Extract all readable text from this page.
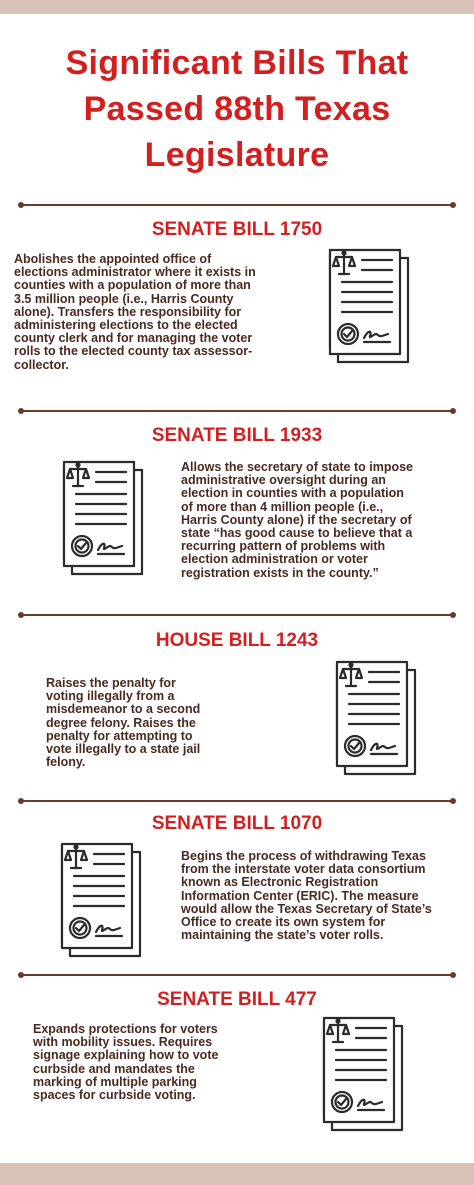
Significant Bills That
Passed 88th Texas
Legislature
SENATE BILL 1750
Abolishes the appointed office of
elections administrator where it exists in
counties with a population of more than
3.5 million people (i.e., Harris County
alone). Transfers the responsibility for
administering elections to the elected
county clerk and for managing the voter
rolls to the elected county tax assessor-
collector.
SENATE BILL 1933
Allows the secretary of state to impose
administrative oversight during an
election in counties with a population
of more than 4 million people (i.e.,
Harris County alone) if the secretary of
state “has good cause to believe that a
recurring pattern of problems with
election administration or voter
registration exists in the county.”
HOUSE BILL 1243
Raises the penalty for
voting illegally from a
misdemeanor to a second
degree felony. Raises the
penalty for attempting to
vote illegally to a state jail
felony.
SENATE BILL 1070
Begins the process of withdrawing Texas
from the interstate voter data consortium
known as Electronic Registration
Information Center (ERIC). The measure
would allow the Texas Secretary of State’s
Office to create its own system for
maintaining the state’s voter rolls.
SENATE BILL 477
Expands protections for voters
with mobility issues. Requires
signage explaining how to vote
curbside and mandates the
marking of multiple parking
spaces for curbside voting.
